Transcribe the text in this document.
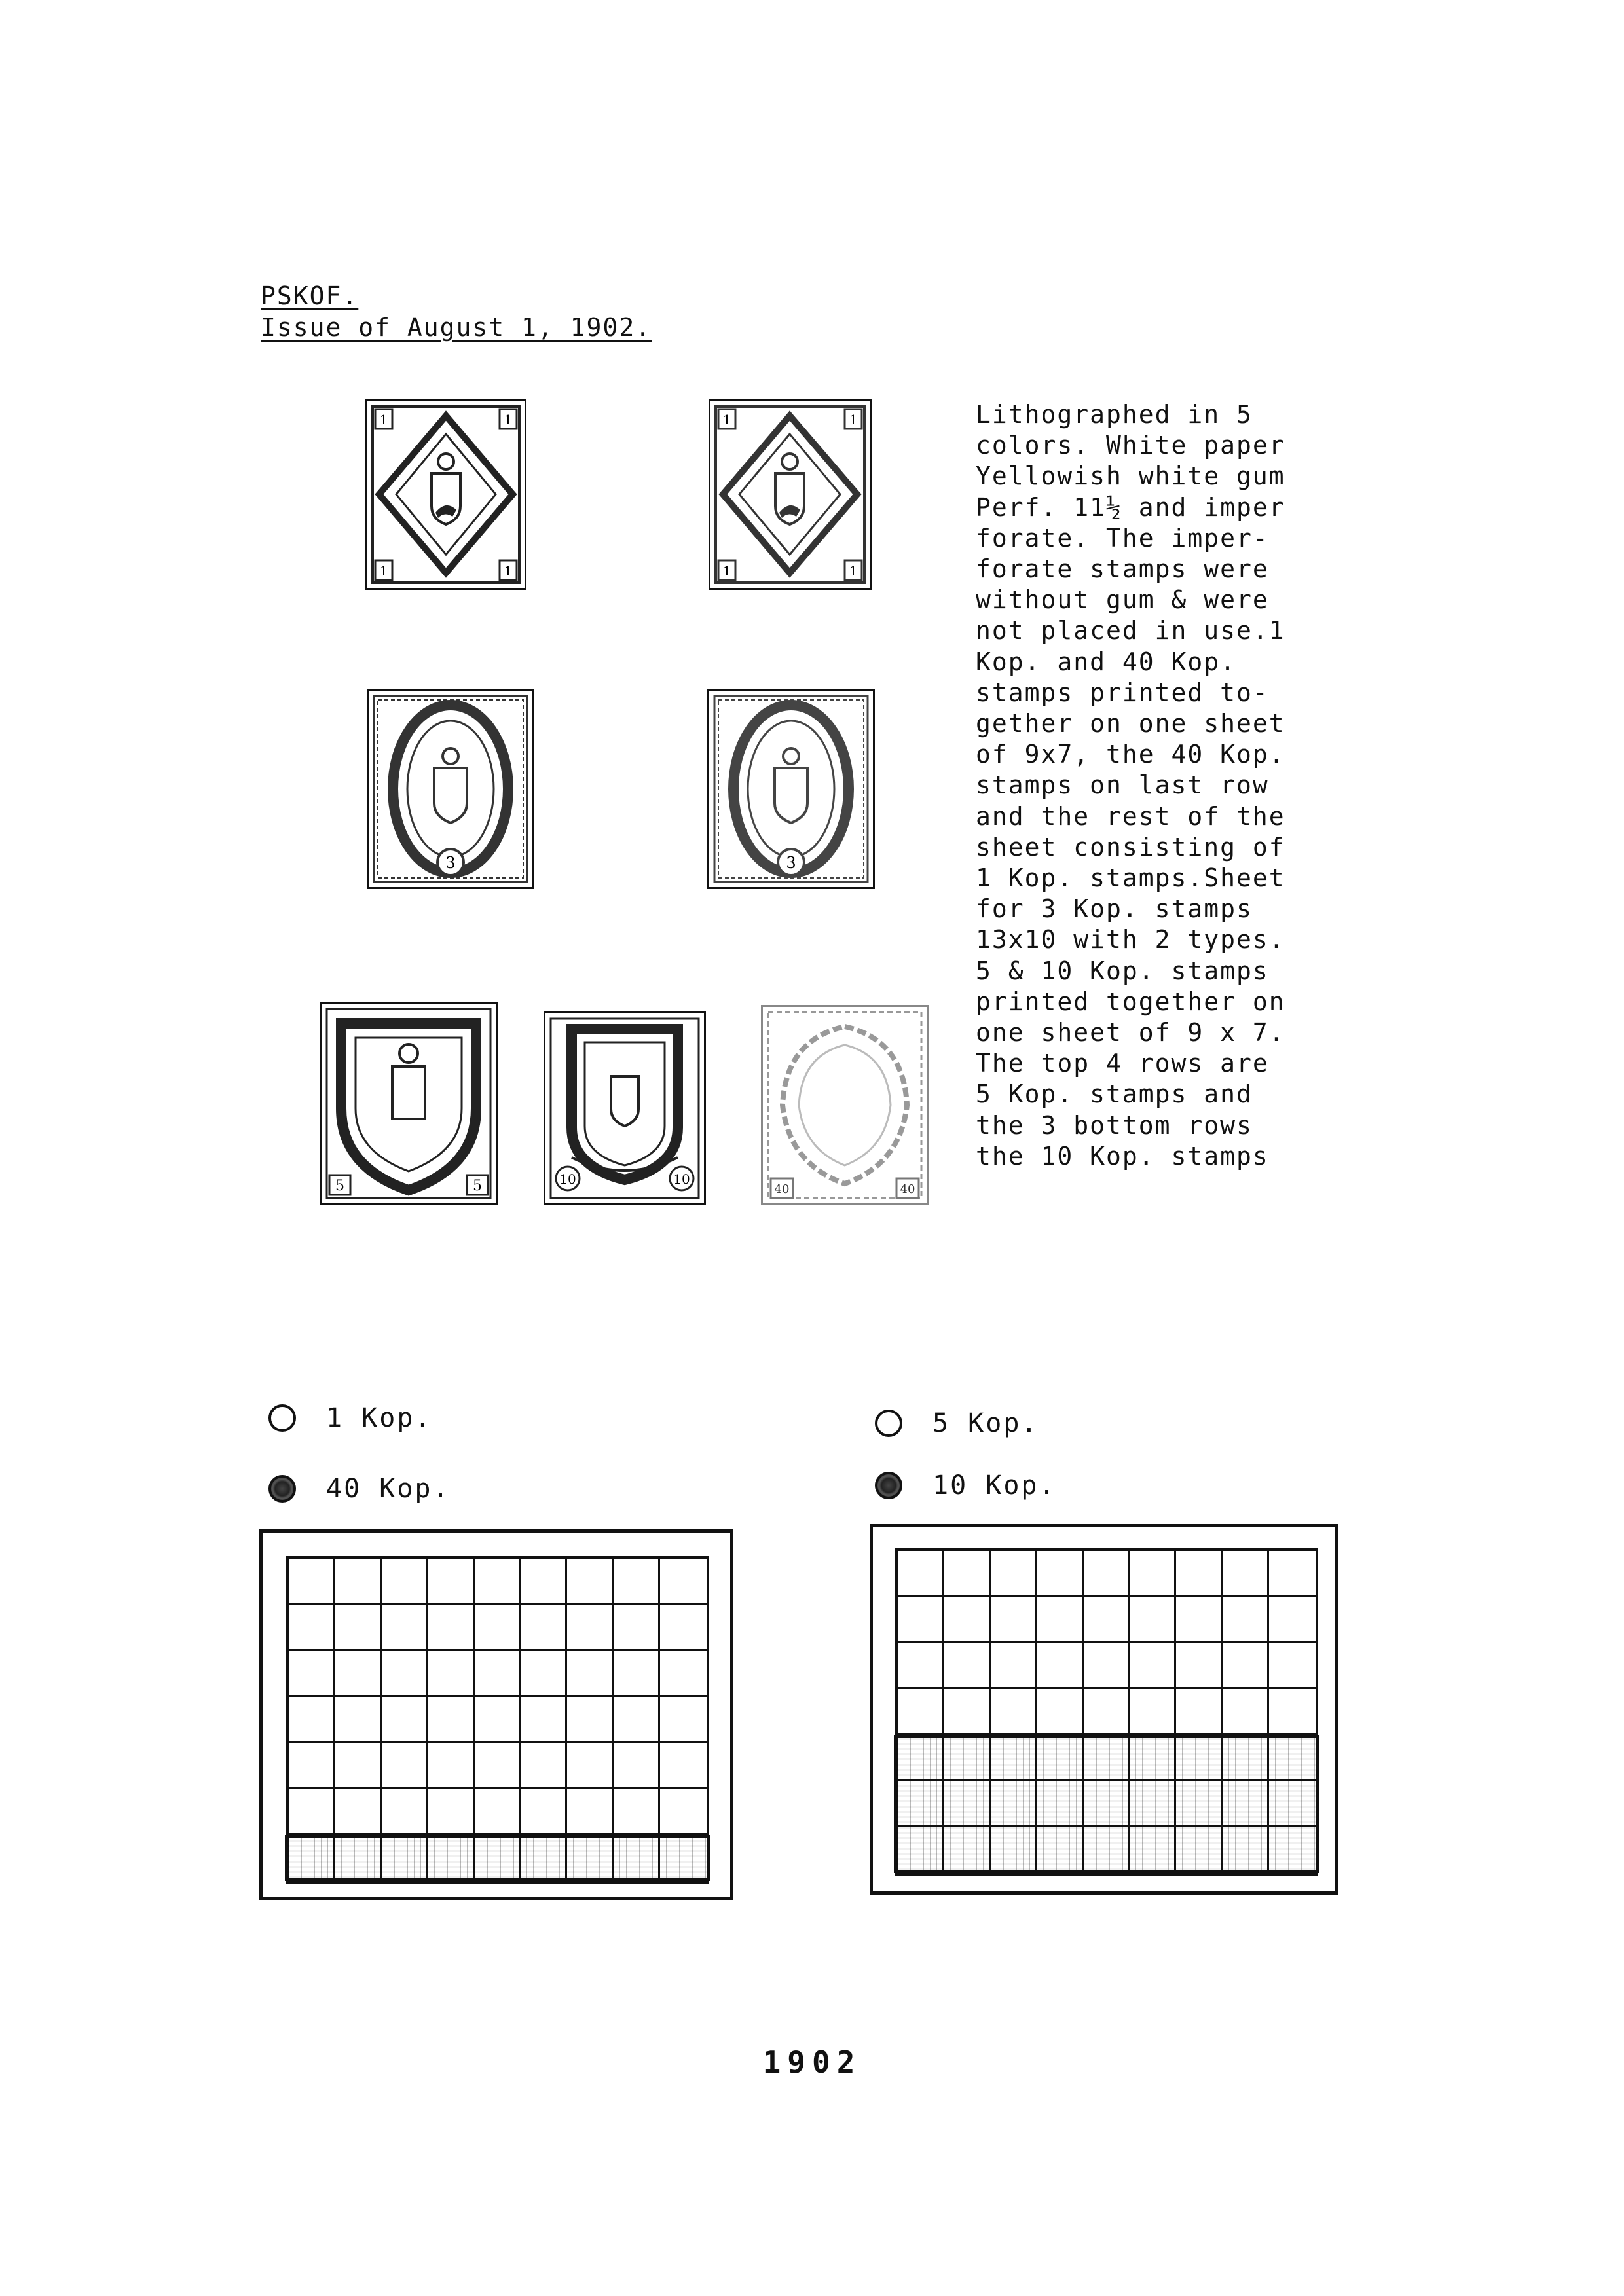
PSKOF.
Issue of August 1, 1902.
Lithographed in 5
colors. White paper
Yellowish white gum
Perf. 11½ and imper
forate. The imper-
forate stamps were
without gum & were
not placed in use.1
Kop. and 40 Kop.
stamps printed to-
gether on one sheet
of 9x7, the 40 Kop.
stamps on last row
and the rest of the
sheet consisting of
1 Kop. stamps.Sheet
for 3 Kop. stamps
13x10 with 2 types.
5 & 10 Kop. stamps
printed together on
one sheet of 9 x 7.
The top 4 rows are
5 Kop. stamps and
the 3 bottom rows
the 10 Kop. stamps
1	1
1	1
1	1
1	1
3	3
5	5	10	10
40	40
1 Kop.
40 Kop.
5 Kop.
10 Kop.
1902
